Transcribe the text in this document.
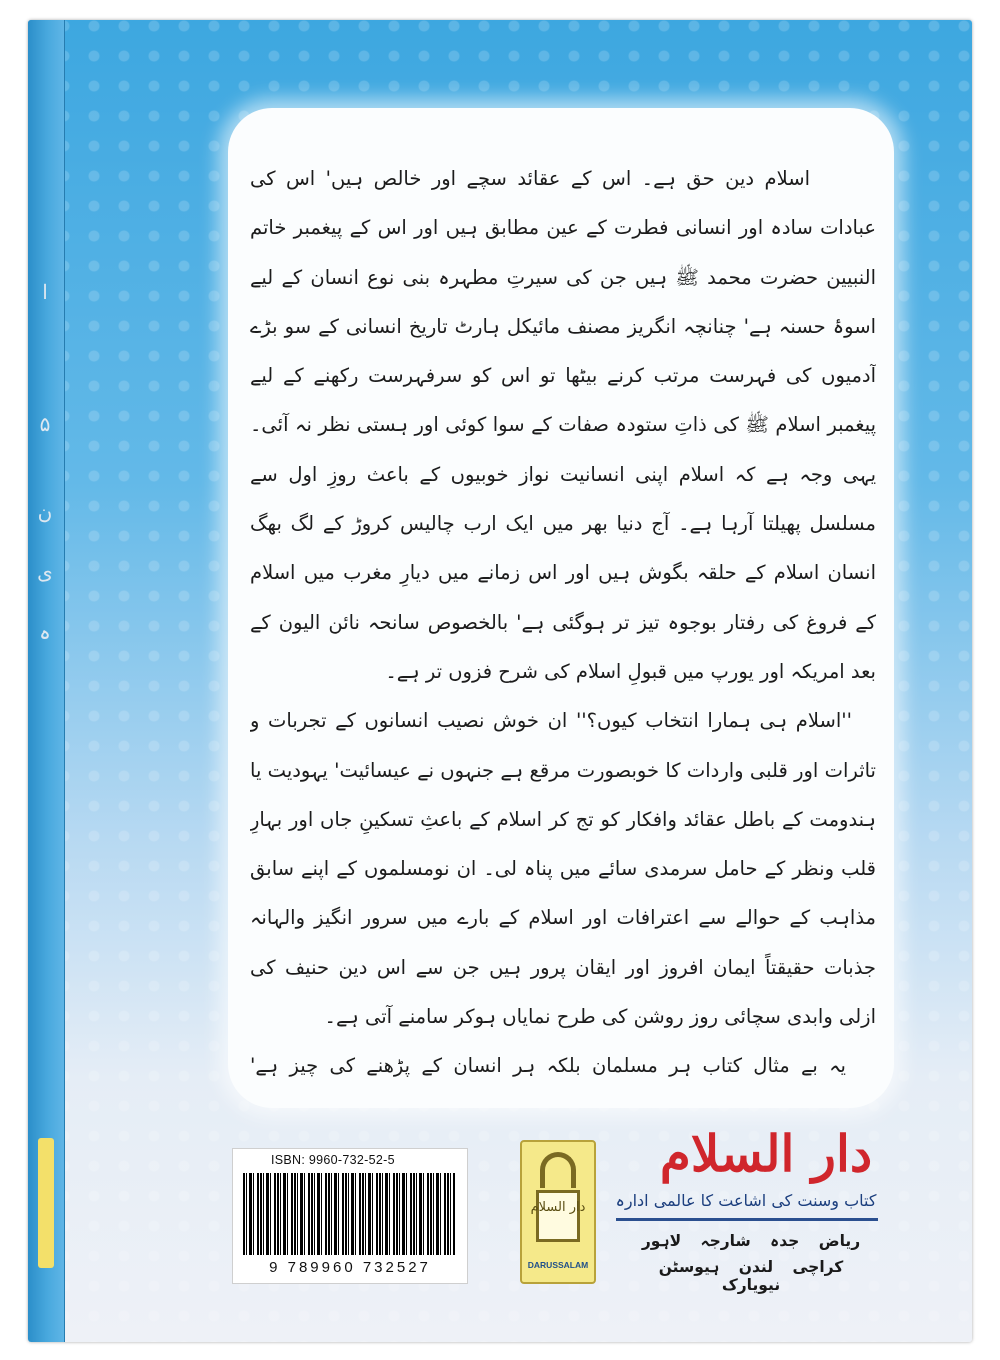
ا
۵
ن
ی
ہ

اسلام دین حق ہے۔ اس کے عقائد سچے اور خالص ہیں' اس کی عبادات سادہ اور انسانی فطرت کے عین مطابق ہیں اور اس کے پیغمبر خاتم النبیین حضرت محمد ﷺ ہیں جن کی سیرتِ مطہرہ بنی نوع انسان کے لیے اسوۂ حسنہ ہے' چنانچہ انگریز مصنف مائیکل ہارٹ تاریخ انسانی کے سو بڑے آدمیوں کی فہرست مرتب کرنے بیٹھا تو اس کو سرفہرست رکھنے کے لیے پیغمبر اسلام ﷺ کی ذاتِ ستودہ صفات کے سوا کوئی اور ہستی نظر نہ آئی۔ یہی وجہ ہے کہ اسلام اپنی انسانیت نواز خوبیوں کے باعث روزِ اول سے مسلسل پھیلتا آرہا ہے۔ آج دنیا بھر میں ایک ارب چالیس کروڑ کے لگ بھگ انسان اسلام کے حلقہ بگوش ہیں اور اس زمانے میں دیارِ مغرب میں اسلام کے فروغ کی رفتار بوجوہ تیز تر ہوگئی ہے' بالخصوص سانحہ نائن الیون کے بعد امریکہ اور یورپ میں قبولِ اسلام کی شرح فزوں تر ہے۔

''اسلام ہی ہمارا انتخاب کیوں؟'' ان خوش نصیب انسانوں کے تجربات و تاثرات اور قلبی واردات کا خوبصورت مرقع ہے جنہوں نے عیسائیت' یہودیت یا ہندومت کے باطل عقائد وافکار کو تج کر اسلام کے باعثِ تسکینِ جاں اور بہارِ قلب ونظر کے حامل سرمدی سائے میں پناہ لی۔ ان نومسلموں کے اپنے سابق مذاہب کے حوالے سے اعترافات اور اسلام کے بارے میں سرور انگیز والہانہ جذبات حقیقتاً ایمان افروز اور ایقان پرور ہیں جن سے اس دین حنیف کی ازلی وابدی سچائی روز روشن کی طرح نمایاں ہوکر سامنے آتی ہے۔

یہ بے مثال کتاب ہر مسلمان بلکہ ہر انسان کے پڑھنے کی چیز ہے'

ISBN: 9960-732-52-5
9 789960 732527
دار السلام
DARUSSALAM
دار السلام
کتاب وسنت کی اشاعت کا عالمی ادارہ
ریاض جدہ شارجہ لاہور
کراچی لندن ہیوسٹن نیویارک
